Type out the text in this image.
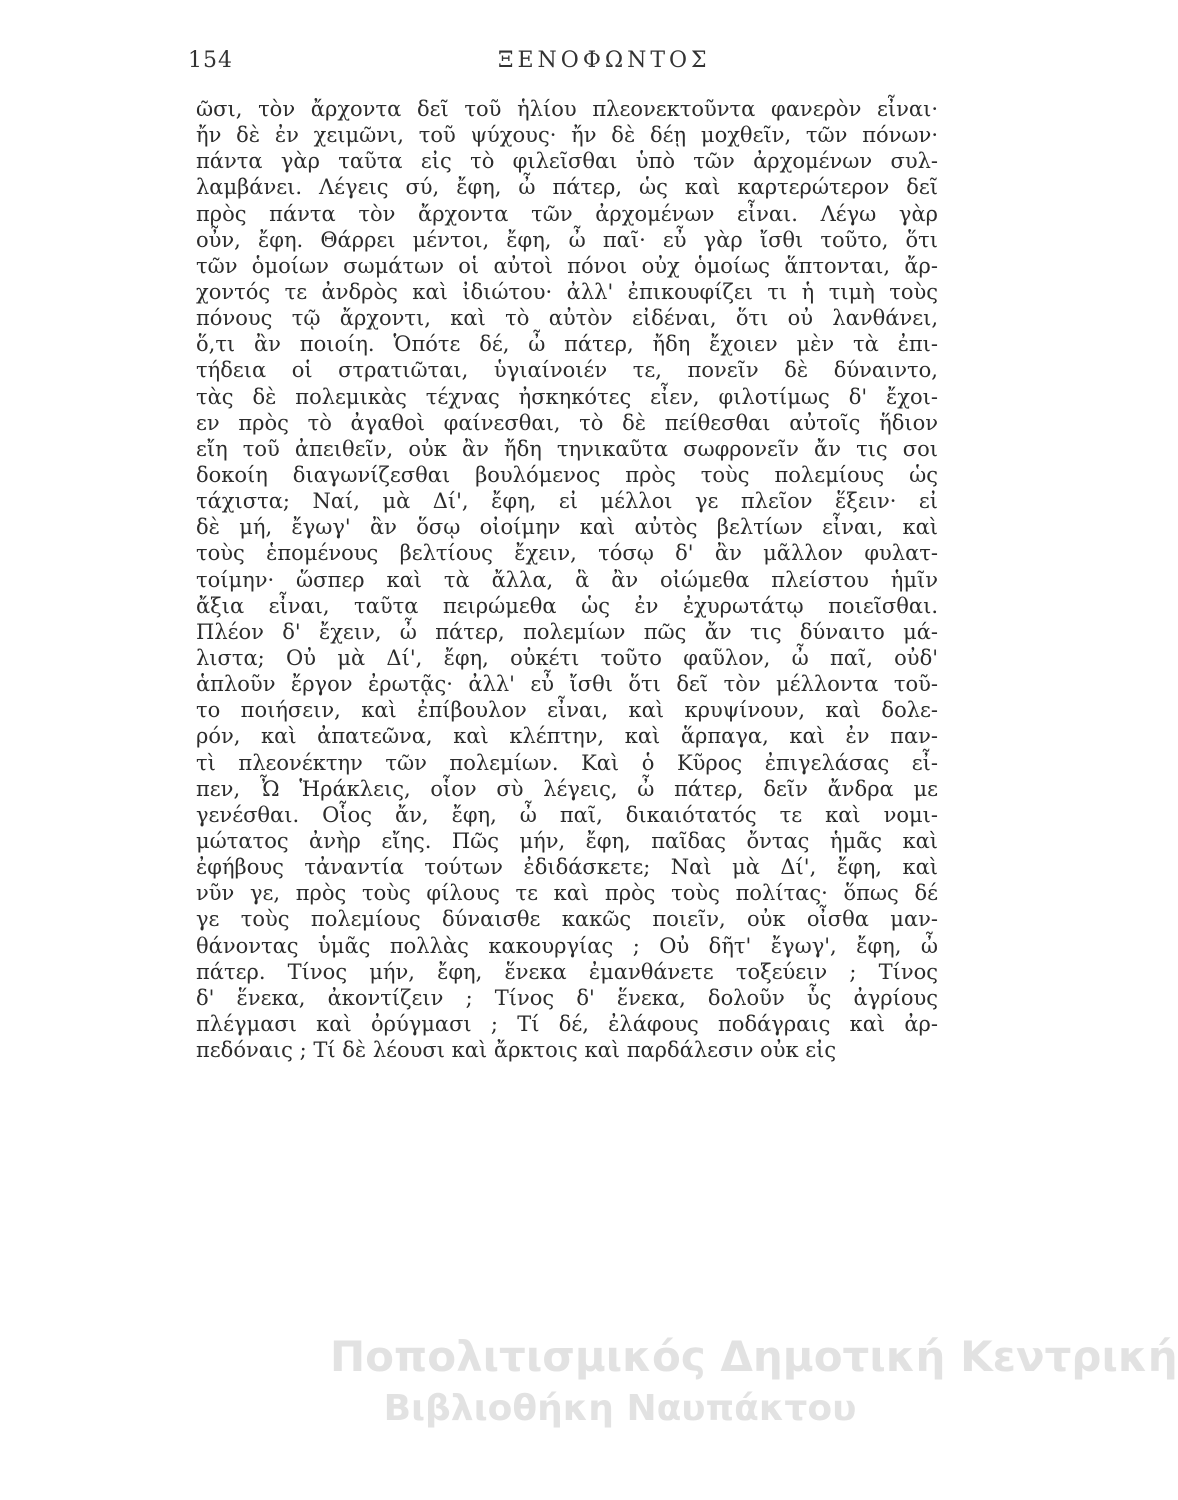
154	ΞΕΝΟΦΩΝΤΟΣ
ῶσι, τὸν ἄρχοντα δεῖ τοῦ ἡλίου πλεονεκτοῦντα φανερὸν εἶναι·
ἤν δὲ ἐν χειμῶνι, τοῦ ψύχους· ἤν δὲ δέῃ μοχθεῖν, τῶν πόνων·
πάντα γὰρ ταῦτα εἰς τὸ φιλεῖσθαι ὑπὸ τῶν ἀρχομένων συλ-
λαμβάνει. Λέγεις σύ, ἔφη, ὦ πάτερ, ὡς καὶ καρτερώτερον δεῖ
πρὸς πάντα τὸν ἄρχοντα τῶν ἀρχομένων εἶναι. Λέγω γὰρ
οὖν, ἔφη. Θάρρει μέντοι, ἔφη, ὦ παῖ· εὖ γὰρ ἴσθι τοῦτο, ὅτι
τῶν ὁμοίων σωμάτων οἱ αὐτοὶ πόνοι οὐχ ὁμοίως ἅπτονται, ἄρ-
χοντός τε ἀνδρὸς καὶ ἰδιώτου· ἀλλ' ἐπικουφίζει τι ἡ τιμὴ τοὺς
πόνους τῷ ἄρχοντι, καὶ τὸ αὐτὸν εἰδέναι, ὅτι οὐ λανθάνει,
ὅ,τι ἂν ποιοίη. Ὁπότε δέ, ὦ πάτερ, ἤδη ἔχοιεν μὲν τὰ ἐπι-
τήδεια οἱ στρατιῶται, ὑγιαίνοιέν τε, πονεῖν δὲ δύναιντο,
τὰς δὲ πολεμικὰς τέχνας ἠσκηκότες εἶεν, φιλοτίμως δ' ἔχοι-
εν πρὸς τὸ ἀγαθοὶ φαίνεσθαι, τὸ δὲ πείθεσθαι αὐτοῖς ἥδιον
εἴη τοῦ ἀπειθεῖν, οὐκ ἂν ἤδη τηνικαῦτα σωφρονεῖν ἄν τις σοι
δοκοίη διαγωνίζεσθαι βουλόμενος πρὸς τοὺς πολεμίους ὡς
τάχιστα; Ναί, μὰ Δί', ἔφη, εἰ μέλλοι γε πλεῖον ἕξειν· εἰ
δὲ μή, ἔγωγ' ἂν ὅσῳ οἰοίμην καὶ αὐτὸς βελτίων εἶναι, καὶ
τοὺς ἑπομένους βελτίους ἔχειν, τόσῳ δ' ἂν μᾶλλον φυλατ-
τοίμην· ὥσπερ καὶ τὰ ἄλλα, ἃ ἂν οἰώμεθα πλείστου ἡμῖν
ἄξια εἶναι, ταῦτα πειρώμεθα ὡς ἐν ἐχυρωτάτῳ ποιεῖσθαι.
Πλέον δ' ἔχειν, ὦ πάτερ, πολεμίων πῶς ἄν τις δύναιτο μά-
λιστα; Οὐ μὰ Δί', ἔφη, οὐκέτι τοῦτο φαῦλον, ὦ παῖ, οὐδ'
ἁπλοῦν ἔργον ἐρωτᾷς· ἀλλ' εὖ ἴσθι ὅτι δεῖ τὸν μέλλοντα τοῦ-
το ποιήσειν, καὶ ἐπίβουλον εἶναι, καὶ κρυψίνουν, καὶ δολε-
ρόν, καὶ ἀπατεῶνα, καὶ κλέπτην, καὶ ἅρπαγα, καὶ ἐν παν-
τὶ πλεονέκτην τῶν πολεμίων. Καὶ ὁ Κῦρος ἐπιγελάσας εἶ-
πεν, Ὦ Ἡράκλεις, οἷον σὺ λέγεις, ὦ πάτερ, δεῖν ἄνδρα με
γενέσθαι. Οἷος ἄν, ἔφη, ὦ παῖ, δικαιότατός τε καὶ νομι-
μώτατος ἀνὴρ εἴης. Πῶς μήν, ἔφη, παῖδας ὄντας ἡμᾶς καὶ
ἐφήβους τἀναντία τούτων ἐδιδάσκετε; Ναὶ μὰ Δί', ἔφη, καὶ
νῦν γε, πρὸς τοὺς φίλους τε καὶ πρὸς τοὺς πολίτας· ὅπως δέ
γε τοὺς πολεμίους δύναισθε κακῶς ποιεῖν, οὐκ οἶσθα μαν-
θάνοντας ὑμᾶς πολλὰς κακουργίας ; Οὐ δῆτ' ἔγωγ', ἔφη, ὦ
πάτερ. Τίνος μήν, ἔφη, ἕνεκα ἐμανθάνετε τοξεύειν ; Τίνος
δ' ἕνεκα, ἀκοντίζειν ; Τίνος δ' ἕνεκα, δολοῦν ὗς ἀγρίους
πλέγμασι καὶ ὀρύγμασι ; Τί δέ, ἐλάφους ποδάγραις καὶ ἀρ-
πεδόναις ; Τί δὲ λέουσι καὶ ἄρκτοις καὶ παρδάλεσιν οὐκ εἰς
Ποπολιτισμικός Δημοτική Κεντρική
Βιβλιοθήκη Ναυπάκτου
